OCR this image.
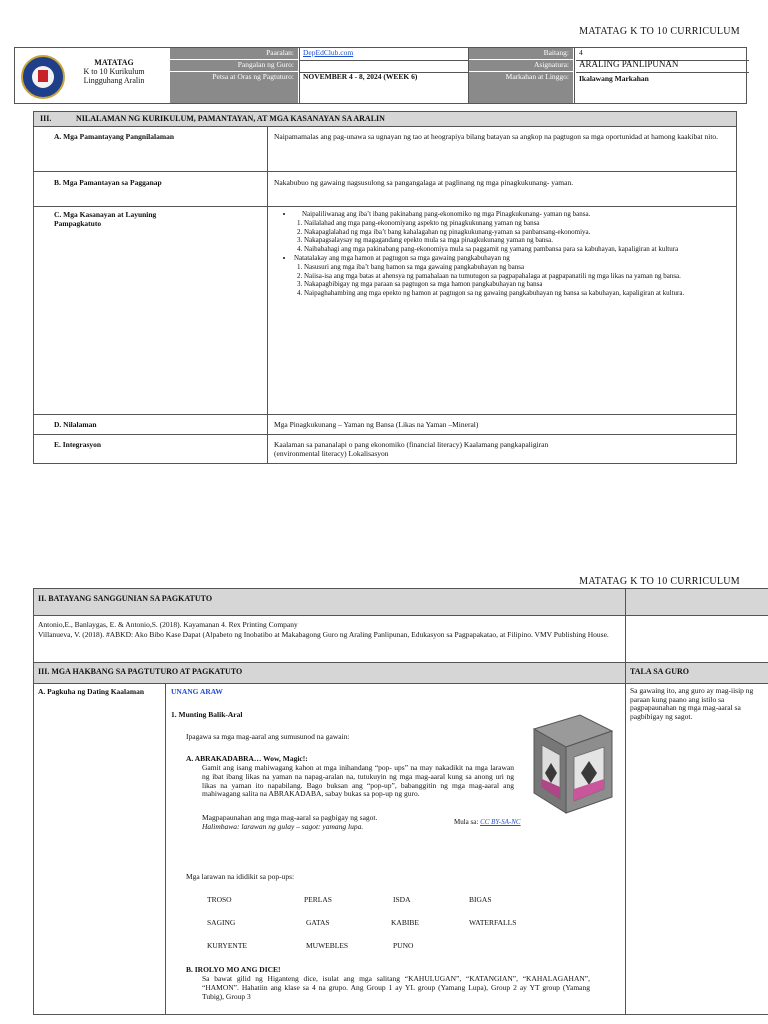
MATATAG K TO 10 CURRICULUM
MATATAG
K to 10 Kurikulum
Lingguhang Aralin
Paaralan:	DepEdClub.com
Pangalan ng Guro:
Petsa at Oras ng Pagtuturo:	NOVEMBER 4 - 8, 2024 (WEEK 6)
Baitang:	4
Asignatura:	ARALING PANLIPUNAN
Markahan at Linggo:	Ikalawang Markahan
III.	NILALAMAN NG KURIKULUM, PAMANTAYAN, AT MGA KASANAYAN SA ARALIN
A. Mga Pamantayang Pangnilalaman	Naipamamalas ang pag-unawa sa ugnayan ng tao at heograpiya bilang batayan sa angkop na pagtugon sa mga oportunidad at hamong kaakibat nito.
B. Mga Pamantayan sa Pagganap	Nakabubuo ng gawaing nagsusulong sa pangangalaga at paglinang ng mga pinagkukunang- yaman.
C. Mga Kasanayan at Layuning Pampagkatuto
• Naipaliliwanag ang iba’t ibang pakinabang pang-ekonomiko ng mga Pinagkukunang- yaman ng bansa.
1. Nailalahad ang mga pang-ekonomiyang aspekto ng pinagkukunang yaman ng bansa
2. Nakapaglalahad ng mga iba’t bang kahalagahan ng pinagkukunang-yaman sa panbansang-ekonomiya.
3. Nakapagsalaysay ng magagandang epekto mula sa mga pinagkukunang yaman ng bansa.
4. Naibabahagi ang mga pakinabang pang-ekonomiya mula sa paggamit ng yamang pambansa para sa kabuhayan, kapaligiran at kultura
• Natatalakay ang mga hamon at pagtugon sa mga gawaing pangkabuhayan ng
1. Nasusuri ang mga iba’t bang hamon sa mga gawaing pangkabuhayan ng bansa
2. Naiisa-isa ang mga batas at ahensya ng pamahalaan na tumutugon sa pagpapahalaga at pagpapanatili ng mga likas na yaman ng bansa.
3. Nakapagbibigay ng mga paraan sa pagtugon sa mga hamon pangkabuhayan ng bansa
4. Naipaghahambing ang mga epekto ng hamon at pagtugon sa ng gawaing pangkabuhayan ng bansa sa kabuhayan, kapaligiran at kultura.
D. Nilalaman	Mga Pinagkukunang – Yaman ng Bansa (Likas na Yaman –Mineral)
E. Integrasyon	Kaalaman sa pananalapi o pang ekonomiko (financial literacy) Kaalamang pangkapaligiran (environmental literacy) Lokalisasyon
MATATAG K TO 10 CURRICULUM
II. BATAYANG SANGGUNIAN SA PAGKATUTO
Antonio,E., Banlaygas, E. & Antonio,S. (2018). Kayamanan 4. Rex Printing Company
Villanueva, V. (2018). #ABKD: Ako Bibo Kase Dapat (Alpabeto ng Inobatibo at Makabagong Guro ng Araling Panlipunan, Edukasyon sa Pagpapakatao, at Filipino. VMV Publishing House.
III. MGA HAKBANG SA PAGTUTURO AT PAGKATUTO	TALA SA GURO
A. Pagkuha ng Dating Kaalaman	UNANG ARAW
1. Munting Balik-Aral
Ipagawa sa mga mag-aaral ang sumusunod na gawain:
A. ABRAKADABRA… Wow, Magic!:
Gamit ang isang mahiwagang kahon at mga inihandang “pop- ups” na may nakadikit na mga larawan ng ibat ibang likas na yaman na napag-aralan na, tutukuyin ng mga mag-aaral kung sa anong uri ng likas na yaman ito napabilang. Bago buksan ang “pop-up”, babanggitin ng mga mag-aaral ang mahiwagang salita na ABRAKADABA, sabay bukas sa pop-up ng guro.
Magpapaunahan ang mga mag-aaral sa pagbigay ng sagot.
Halimbawa: larawan ng gulay – sagot: yamang lupa.	Mula sa: CC BY-SA-NC
Mga larawan na ididikit sa pop-ups:
TROSO	PERLAS	ISDA	BIGAS
SAGING	GATAS	KABIBE	WATERFALLS
KURYENTE	MUWEBLES	PUNO
B. IROLYO MO ANG DICE!
Sa bawat gilid ng Higanteng dice, isulat ang mga salitang “KAHULUGAN”, “KATANGIAN”, “KAHALAGAHAN”, “HAMON”. Hahatiin ang klase sa 4 na grupo. Ang Group 1 ay YL group (Yamang Lupa), Group 2 ay YT group (Yamang Tubig), Group 3
Sa gawaing ito, ang guro ay mag-iisip ng paraan kung paano ang istilo sa pagpapaunahan ng mga mag-aaral sa pagbibigay ng sagot.
